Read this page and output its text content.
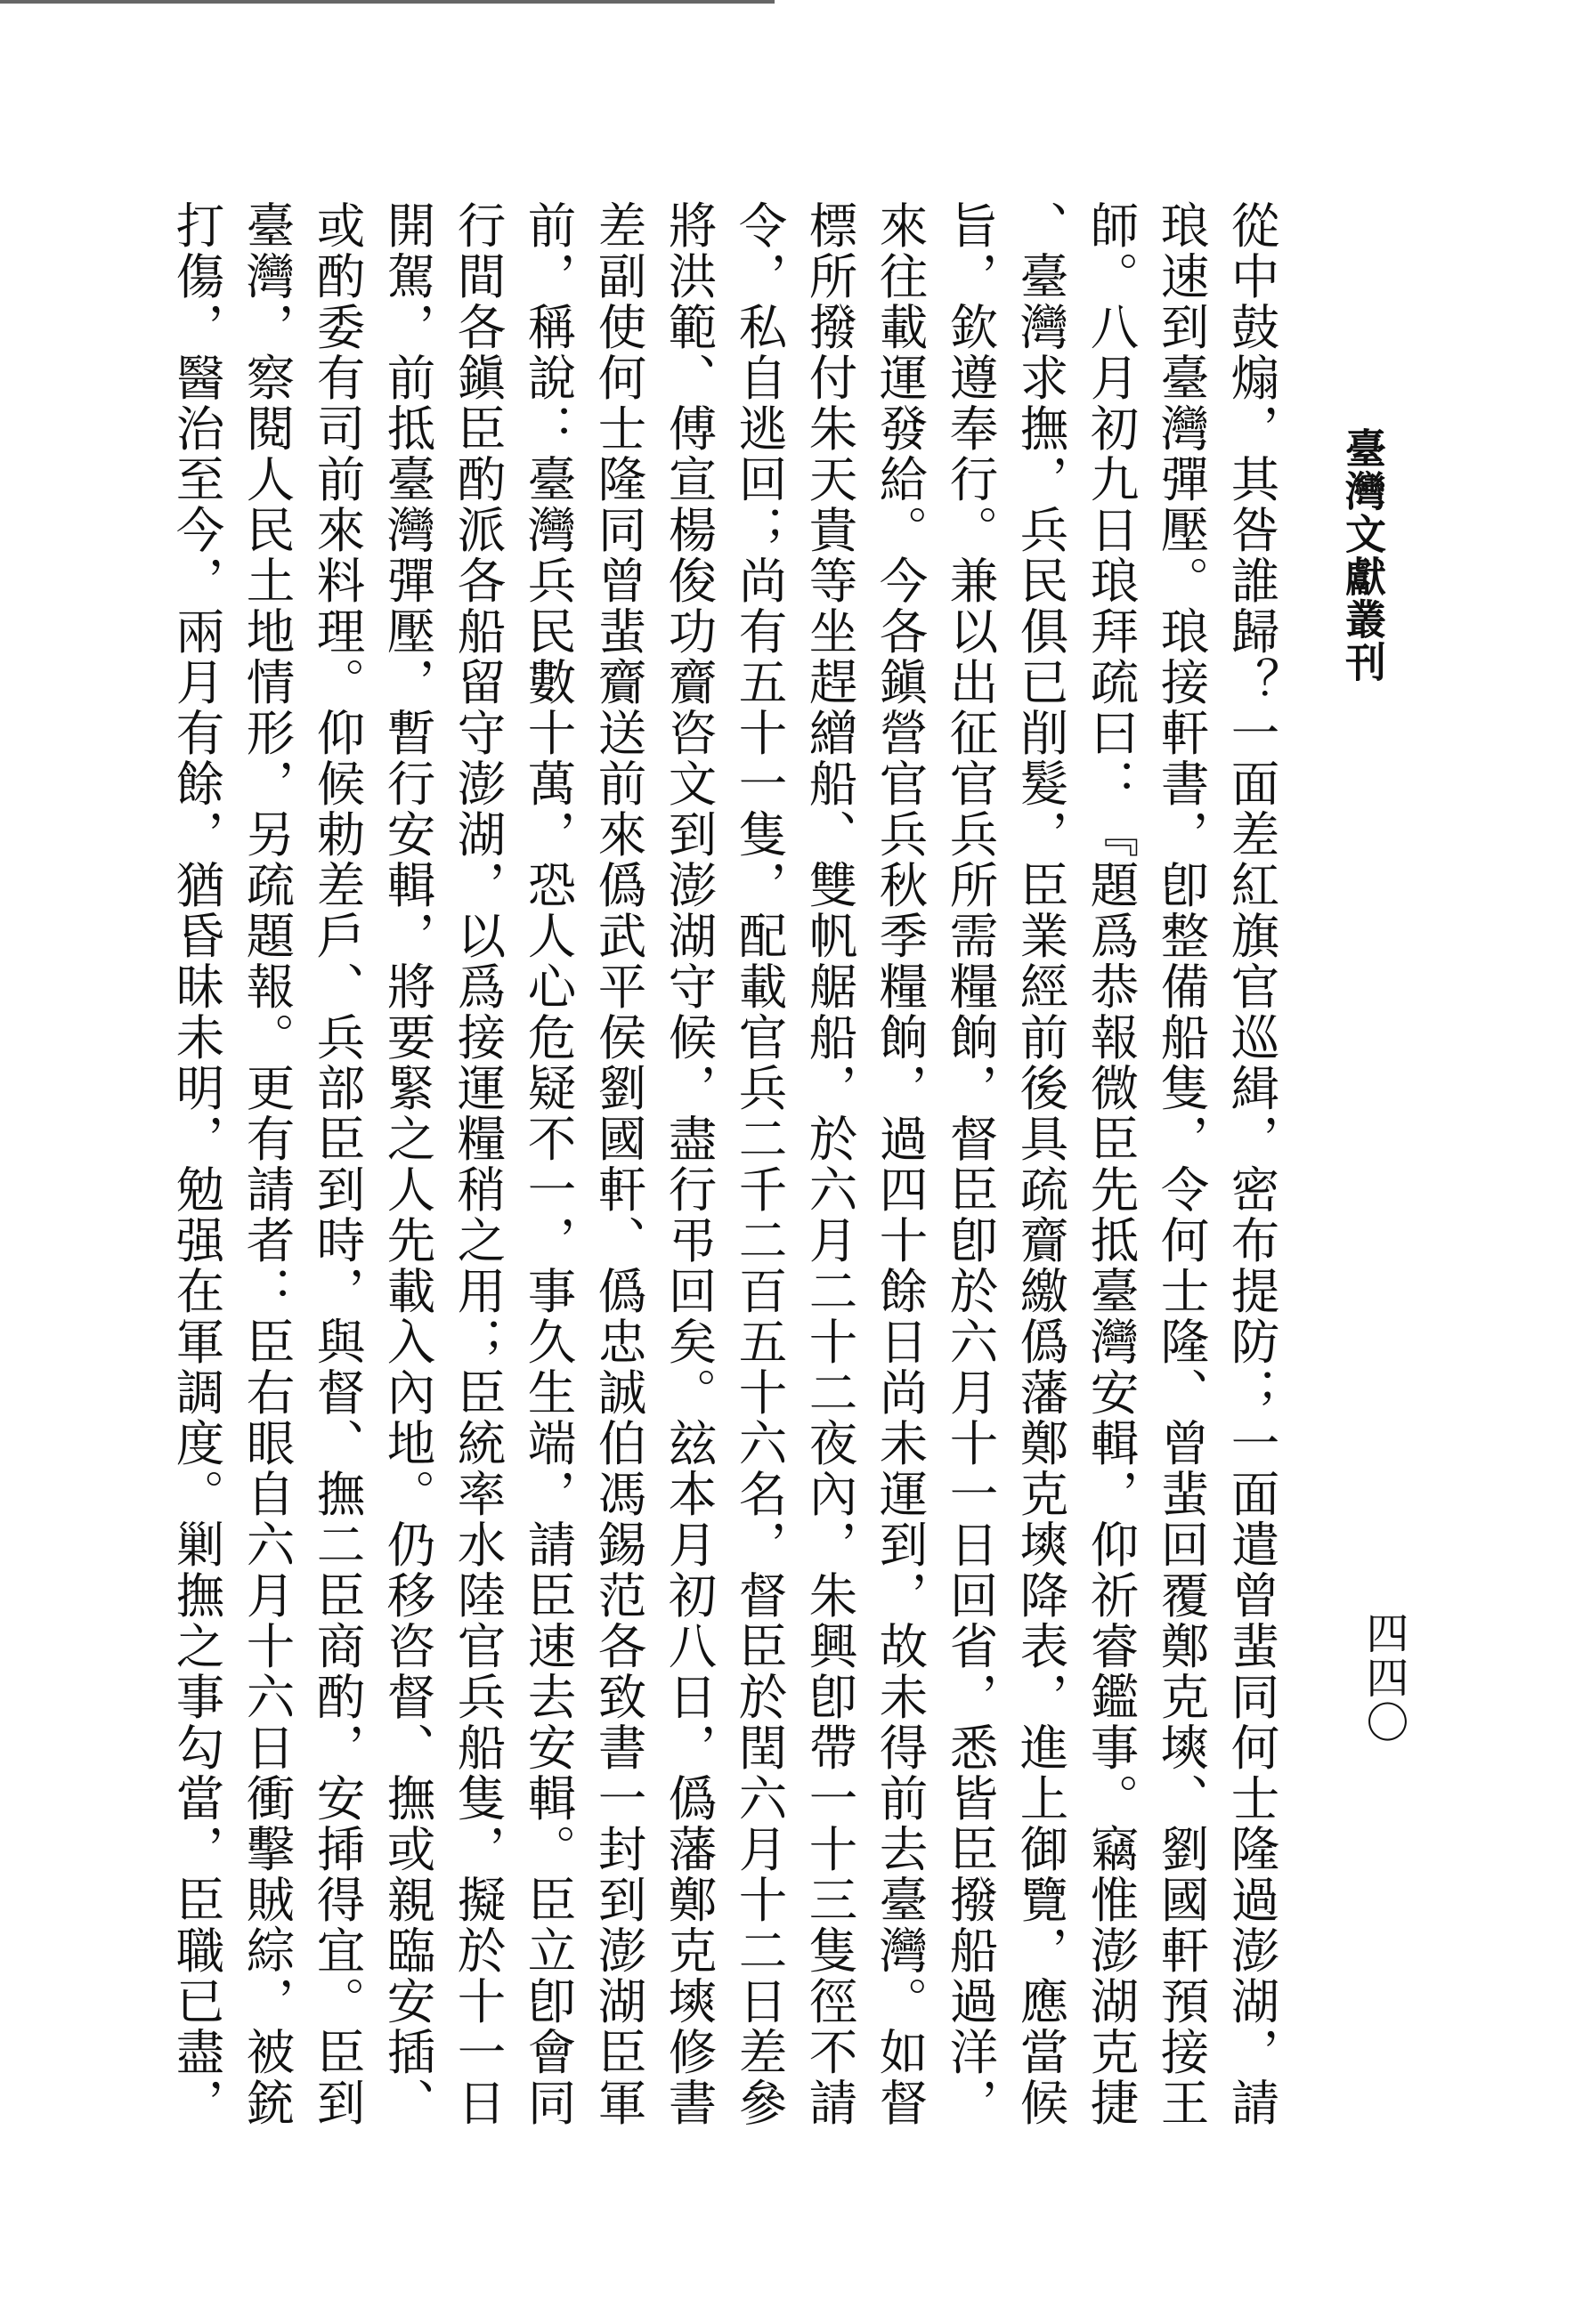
臺灣文獻叢刊
四四〇
從中鼓煽，其咎誰歸？一面差紅旗官巡緝，密布提防；一面遣曾蜚同何士隆過澎湖，請
琅速到臺灣彈壓。琅接軒書，卽整備船隻，令何士隆、曾蜚回覆鄭克塽、劉國軒預接王
師。八月初九日琅拜疏曰：『題爲恭報微臣先抵臺灣安輯，仰祈睿鑑事。竊惟澎湖克捷
、臺灣求撫，兵民俱已削髮，臣業經前後具疏齎繳僞藩鄭克塽降表，進上御覽，應當候
旨，欽遵奉行。兼以出征官兵所需糧餉，督臣卽於六月十一日回省，悉皆臣撥船過洋，
來往載運發給。今各鎭營官兵秋季糧餉，過四十餘日尚未運到，故未得前去臺灣。如督
標所撥付朱天貴等坐趕繒船、雙帆艍船，於六月二十二夜內，朱興卽帶一十三隻徑不請
令，私自逃回；尚有五十一隻，配載官兵二千二百五十六名，督臣於閏六月十二日差參
將洪範、傅宣楊俊功齎咨文到澎湖守候，盡行弔回矣。玆本月初八日，僞藩鄭克塽修書
差副使何士隆同曾蜚齎送前來僞武平侯劉國軒、僞忠誠伯馮錫范各致書一封到澎湖臣軍
前，稱說：臺灣兵民數十萬，恐人心危疑不一，事久生端，請臣速去安輯。臣立卽會同
行間各鎭臣酌派各船留守澎湖，以爲接運糧稍之用；臣統率水陸官兵船隻，擬於十一日
開駕，前抵臺灣彈壓，暫行安輯，將要緊之人先載入內地。仍移咨督、撫或親臨安插、
或酌委有司前來料理。仰候勅差戶、兵部臣到時，與督、撫二臣商酌，安揷得宜。臣到
臺灣，察閱人民土地情形，另疏題報。更有請者：臣右眼自六月十六日衝擊賊綜，被銃
打傷，醫治至今，兩月有餘，猶昏昧未明，勉强在軍調度。剿撫之事勾當，臣職已盡，
